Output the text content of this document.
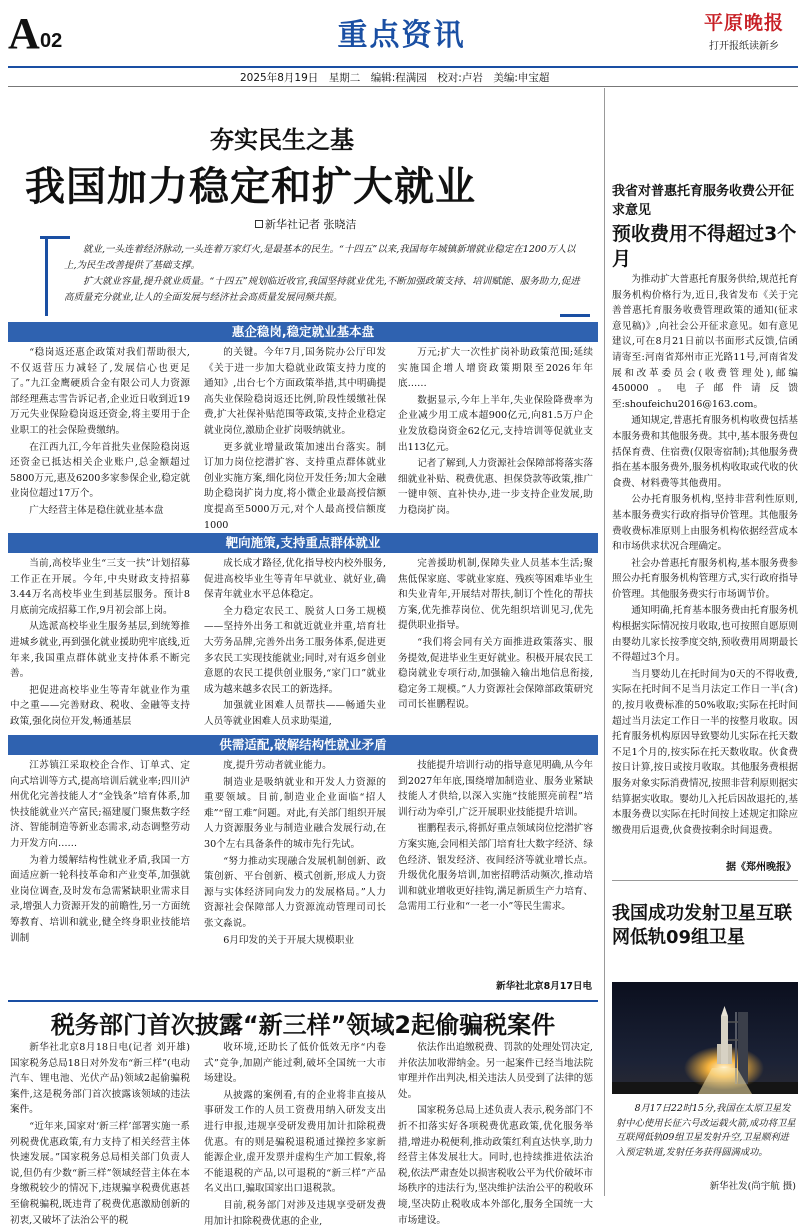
A 02	重点资讯	平原晚报
打开报纸读新乡
2025年8月19日　星期二　编辑:程满园　校对:卢岩　美编:申宝超
夯实民生之基
我国加力稳定和扩大就业
新华社记者 张晓洁

就业,一头连着经济脉动,一头连着万家灯火,是最基本的民生。“十四五”以来,我国每年城镇新增就业稳定在1200万人以上,为民生改善提供了基础支撑。

扩大就业容量,提升就业质量。“十四五”规划临近收官,我国坚持就业优先,不断加强政策支持、培训赋能、服务助力,促进高质量充分就业,让人的全面发展与经济社会高质量发展同频共振。

惠企稳岗,稳定就业基本盘

“稳岗返还惠企政策对我们帮助很大,不仅返营压力减轻了,发展信心也更足了。”九江金鹰硬质合金有限公司人力资源部经理燕志雪告诉记者,企业近日收到近19万元失业保险稳岗返还资金,将主要用于企业职工的社会保险费缴纳。

在江西九江,今年首批失业保险稳岗返还资金已抵达相关企业账户,总金额超过5800万元,惠及6200多家参保企业,稳定就业岗位超过17万个。

广大经营主体是稳住就业基本盘

的关键。今年7月,国务院办公厅印发《关于进一步加大稳就业政策支持力度的通知》,出台七个方面政策举措,其中明确提高失业保险稳岗返还比例,阶段性缓缴社保费,扩大社保补贴范围等政策,支持企业稳定就业岗位,激励企业扩岗吸纳就业。

更多就业增量政策加速出台落实。制订加力岗位挖潜扩容、支持重点群体就业创业实施方案,细化岗位开发任务;加大金融助企稳岗扩岗力度,将小微企业最高授信额度提高至5000万元,对个人最高授信额度1000

万元;扩大一次性扩岗补助政策范围;延续实施国企增人增资政策期限至2026年年底……

数据显示,今年上半年,失业保险降费率为企业减少用工成本超900亿元,向81.5万户企业发放稳岗资金62亿元,支持培训等促就业支出113亿元。

记者了解到,人力资源社会保障部将落实落细就业补贴、税费优惠、担保贷款等政策,推广一键申领、直补快办,进一步支持企业发展,助力稳岗扩岗。

靶向施策,支持重点群体就业

当前,高校毕业生“三支一扶”计划招募工作正在开展。今年,中央财政支持招募3.44万名高校毕业生到基层服务。预计8月底前完成招募工作,9月初会部上岗。

从选派高校毕业生服务基层,到统筹推进城乡就业,再到强化就业援助兜牢底线,近年来,我国重点群体就业支持体系不断完善。

把促进高校毕业生等青年就业作为重中之重——完善财政、税收、金融等支持政策,强化岗位开发,畅通基层

成长成才路径,优化指导校内校外服务,促进高校毕业生等青年早就业、就好业,确保青年就业水平总体稳定。

全力稳定农民工、脱贫人口务工规模——坚持外出务工和就近就业并重,培育壮大劳务品牌,完善外出务工服务体系,促进更多农民工实现技能就业;同时,对有返乡创业意愿的农民工提供创业服务,“家门口”就业成为越来越多农民工的新选择。

加强就业困难人员帮扶——畅通失业人员等就业困难人员求助渠道,

完善援助机制,保障失业人员基本生活;聚焦低保家庭、零就业家庭、残疾等困难毕业生和失业青年,开展结对帮扶,制订个性化的帮扶方案,优先推荐岗位、优先组织培训见习,优先提供职业指导。

“我们将会同有关方面推进政策落实、服务提效,促进毕业生更好就业。积极开展农民工稳岗就业专项行动,加强输入输出地信息衔接,稳定务工规模。”人力资源社会保障部政策研究司司长崔鹏程说。

供需适配,破解结构性就业矛盾

江苏镇江采取校企合作、订单式、定向式培训等方式,提高培训后就业率;四川泸州优化完善技能人才“金钱条”培育体系,加快技能就业兴产富民;福建厦门聚焦数字经济、智能制造等新业态需求,动态调整劳动力开发方向……

为着力缓解结构性就业矛盾,我国一方面适应新一轮科技革命和产业变革,加强就业岗位调查,及时发布急需紧缺职业需求目录,增强人力资源开发的前瞻性,另一方面统筹教育、培训和就业,健全终身职业技能培训制

度,提升劳动者就业能力。

制造业是吸纳就业和开发人力资源的重要领域。目前,制造业企业面临“招人难”“留工难”问题。对此,有关部门组织开展人力资源服务业与制造业融合发展行动,在30个左右具备条件的城市先行先试。

“努力推动实现融合发展机制创新、政策创新、平台创新、模式创新,形成人力资源与实体经济同向发力的发展格局。”人力资源社会保障部人力资源流动管理司司长张文淼说。

6月印发的关于开展大规模职业

技能提升培训行动的指导意见明确,从今年到2027年年底,围绕增加制造业、服务业紧缺技能人才供给,以深入实施“技能照亮前程”培训行动为牵引,广泛开展职业技能提升培训。

崔鹏程表示,将抓好重点领域岗位挖潜扩容方案实施,会同相关部门培育壮大数字经济、绿色经济、银发经济、夜间经济等就业增长点。升级优化服务培训,加密招聘活动频次,推动培训和就业增收更好挂钩,满足新质生产力培育、急需用工行业和“一老一小”等民生需求。

新华社北京8月17日电
税务部门首次披露“新三样”领域2起偷骗税案件

新华社北京8月18日电(记者 刘开雄)国家税务总局18日对外发布“新三样”(电动汽车、锂电池、光伏产品)领域2起偷骗税案件,这是税务部门首次披露该领域的违法案件。

“近年来,国家对‘新三样’部署实施一系列税费优惠政策,有力支持了相关经营主体快速发展。”国家税务总局相关部门负责人说,但仍有少数“新三样”领域经营主体在本身缴税较少的情况下,违规骗享税费优惠甚至偷税骗税,既违背了税费优惠激励创新的初衷,又破坏了法治公平的税

收环境,还助长了低价低效无序“内卷式”竞争,加剧产能过剩,破坏全国统一大市场建设。

从披露的案例看,有的企业将非直接从事研发工作的人员工资费用纳入研发支出进行申报,违规享受研发费用加计扣除税费优惠。有的则是骗税退税通过操控多家新能源企业,虚开发票并虚构生产加工假象,将不能退税的产品,以可退税的“新三样”产品名义出口,骗取国家出口退税款。

目前,税务部门对涉及违规享受研发费用加计扣除税费优惠的企业,

依法作出追缴税费、罚款的处理处罚决定,并依法加收滞纳金。另一起案件已经当地法院审理并作出判决,相关违法人员受到了法律的惩处。

国家税务总局上述负责人表示,税务部门不折不扣落实好各项税费优惠政策,优化服务举措,增进办税便利,推动政策红利直达快享,助力经营主体发展壮大。同时,也持续推进依法治税,依法严肃查处以损害税收公平为代价破坏市场秩序的违法行为,坚决维护法治公平的税收环境,坚决防止税收成本外部化,服务全国统一大市场建设。

我省对普惠托育服务收费公开征求意见
预收费用不得超过3个月

为推动扩大普惠托育服务供给,规范托育服务机构价格行为,近日,我省发布《关于完善普惠托育服务收费管理政策的通知(征求意见稿)》,向社会公开征求意见。如有意见建议,可在8月21日前以书面形式反馈,信函请寄至:河南省郑州市正光路11号,河南省发展和改革委员会(收费管理处),邮编450000。电子邮件请反馈至:shoufeichu2016@163.com。

通知规定,普惠托育服务机构收费包括基本服务费和其他服务费。其中,基本服务费包括保育费、住宿费(仅限寄宿制);其他服务费指在基本服务费外,服务机构收取或代收的伙食费、材料费等其他费用。

公办托育服务机构,坚持非营利性原则,基本服务费实行政府指导价管理。其他服务费收费标准原则上由服务机构依据经营成本和市场供求状况合理确定。

社会办普惠托育服务机构,基本服务费参照公办托育服务机构管理方式,实行政府指导价管理。其他服务费实行市场调节价。

通知明确,托育基本服务费由托育服务机构根据实际情况按月收取,也可按照自愿原则由婴幼儿家长按季度交纳,预收费用周期最长不得超过3个月。

当月婴幼儿在托时间为0天的不得收费,实际在托时间不足当月法定工作日一半(含)的,按月收费标准的50%收取;实际在托时间超过当月法定工作日一半的按整月收取。因托育服务机构原因导致婴幼儿实际在托天数不足1个月的,按实际在托天数收取。伙食费按日计算,按日或按月收取。其他服务费根据服务对象实际消费情况,按照非营利原则据实结算据实收取。婴幼儿入托后因故退托的,基本服务费以实际在托时间按上述规定扣除应缴费用后退费,伙食费按剩余时间退费。

据《郑州晚报》
我国成功发射卫星互联网低轨09组卫星
8月17日22时15分,我国在太原卫星发射中心使用长征六号改运载火箭,成功将卫星互联网低轨09组卫星发射升空,卫星顺利进入预定轨道,发射任务获得圆满成功。
新华社发(尚宇航 摄)
